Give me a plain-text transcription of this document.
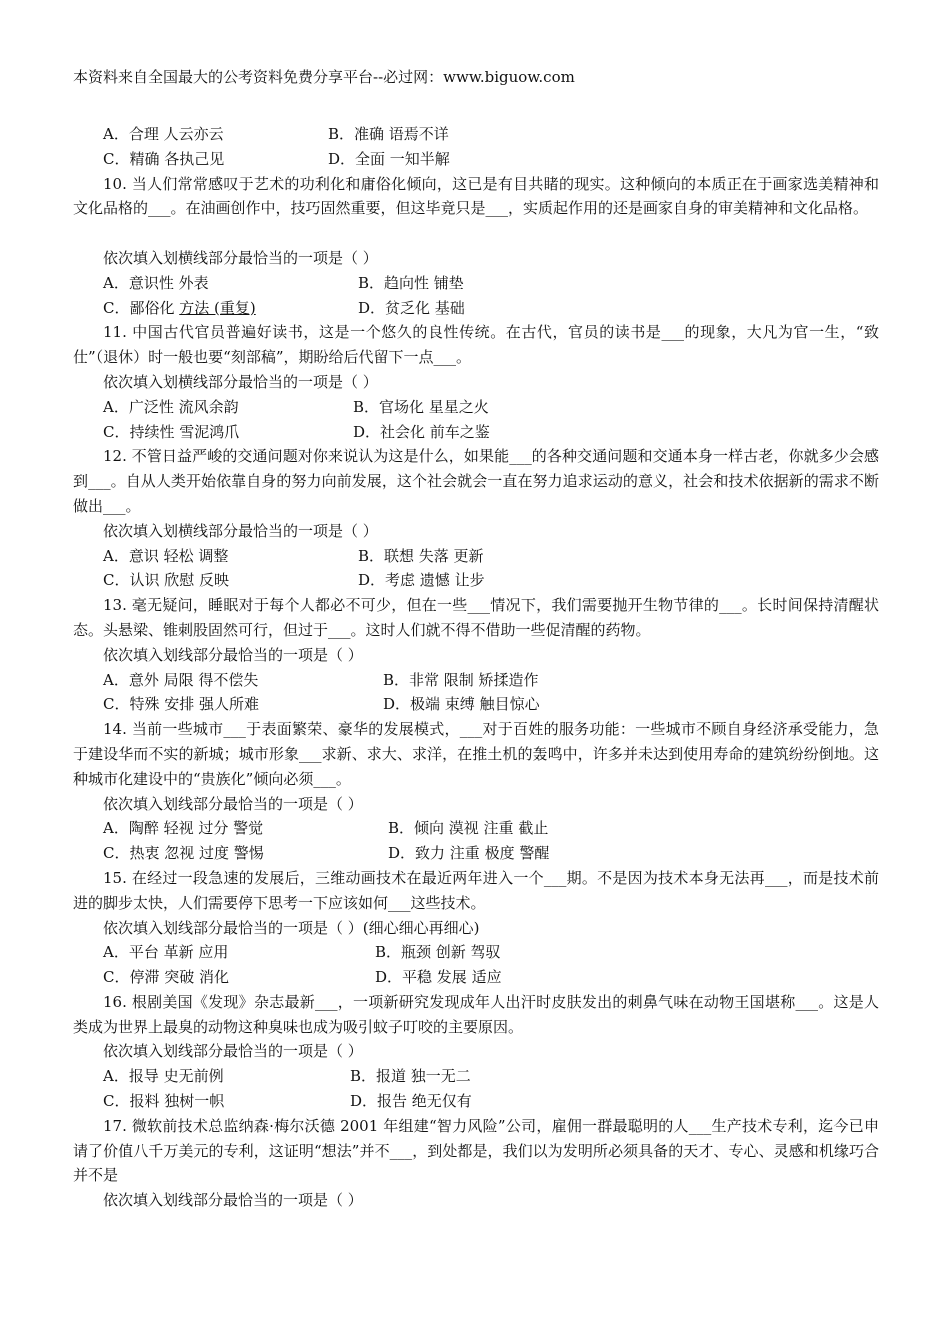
本资料来自全国最大的公考资料免费分享平台--必过网：www.biguow.com
A．合理 人云亦云	B．准确 语焉不详
C．精确 各执己见	D．全面 一知半解
10. 当人们常常感叹于艺术的功利化和庸俗化倾向，这已是有目共睹的现实。这种倾向的本质正在于画家选美精神和文化品格的___。在油画创作中，技巧固然重要，但这毕竟只是___，实质起作用的还是画家自身的审美精神和文化品格。
依次填入划横线部分最恰当的一项是（ ）
A．意识性 外表	B．趋向性 铺垫
C．鄙俗化 方法 (重复)	D．贫乏化 基础
11. 中国古代官员普遍好读书，这是一个悠久的良性传统。在古代，官员的读书是___的现象，大凡为官一生，“致仕”（退休）时一般也要“刻部稿”，期盼给后代留下一点___。
依次填入划横线部分最恰当的一项是（ ）
A．广泛性 流风余韵	B．官场化 星星之火
C．持续性 雪泥鸿爪	D．社会化 前车之鉴
12. 不管日益严峻的交通问题对你来说认为这是什么，如果能___的各种交通问题和交通本身一样古老，你就多少会感到___。自从人类开始依靠自身的努力向前发展，这个社会就会一直在努力追求运动的意义，社会和技术依据新的需求不断做出___。
依次填入划横线部分最恰当的一项是（ ）
A．意识 轻松 调整	B．联想 失落 更新
C．认识 欣慰 反映	D．考虑 遗憾 让步
13. 毫无疑问，睡眠对于每个人都必不可少，但在一些___情况下，我们需要抛开生物节律的___。长时间保持清醒状态。头悬梁、锥刺股固然可行，但过于___。这时人们就不得不借助一些促清醒的药物。
依次填入划线部分最恰当的一项是（ ）
A．意外 局限 得不偿失	B．非常 限制 矫揉造作
C．特殊 安排 强人所难	D．极端 束缚 触目惊心
14. 当前一些城市___于表面繁荣、豪华的发展模式，___对于百姓的服务功能：一些城市不顾自身经济承受能力，急于建设华而不实的新城；城市形象___求新、求大、求洋，在推土机的轰鸣中，许多并未达到使用寿命的建筑纷纷倒地。这种城市化建设中的“贵族化”倾向必须___。
依次填入划线部分最恰当的一项是（ ）
A．陶醉 轻视 过分 警觉	B．倾向 漠视 注重 截止
C．热衷 忽视 过度 警惕	D．致力 注重 极度 警醒
15. 在经过一段急速的发展后，三维动画技术在最近两年进入一个___期。不是因为技术本身无法再___，而是技术前进的脚步太快，人们需要停下思考一下应该如何___这些技术。
依次填入划线部分最恰当的一项是（ ）(细心细心再细心)
A．平台 革新 应用	B．瓶颈 创新 驾驭
C．停滞 突破 消化	D．平稳 发展 适应
16. 根剧美国《发现》杂志最新___，一项新研究发现成年人出汗时皮肤发出的刺鼻气味在动物王国堪称___。这是人类成为世界上最臭的动物这种臭味也成为吸引蚊子叮咬的主要原因。
依次填入划线部分最恰当的一项是（ ）
A．报导 史无前例	B．报道 独一无二
C．报料 独树一帜	D．报告 绝无仅有
17. 微软前技术总监纳森·梅尔沃德 2001 年组建“智力风险”公司，雇佣一群最聪明的人___生产技术专利，迄今已申请了价值八千万美元的专利，这证明“想法”并不___，到处都是，我们以为发明所必须具备的天才、专心、灵感和机缘巧合并不是
依次填入划线部分最恰当的一项是（ ）
